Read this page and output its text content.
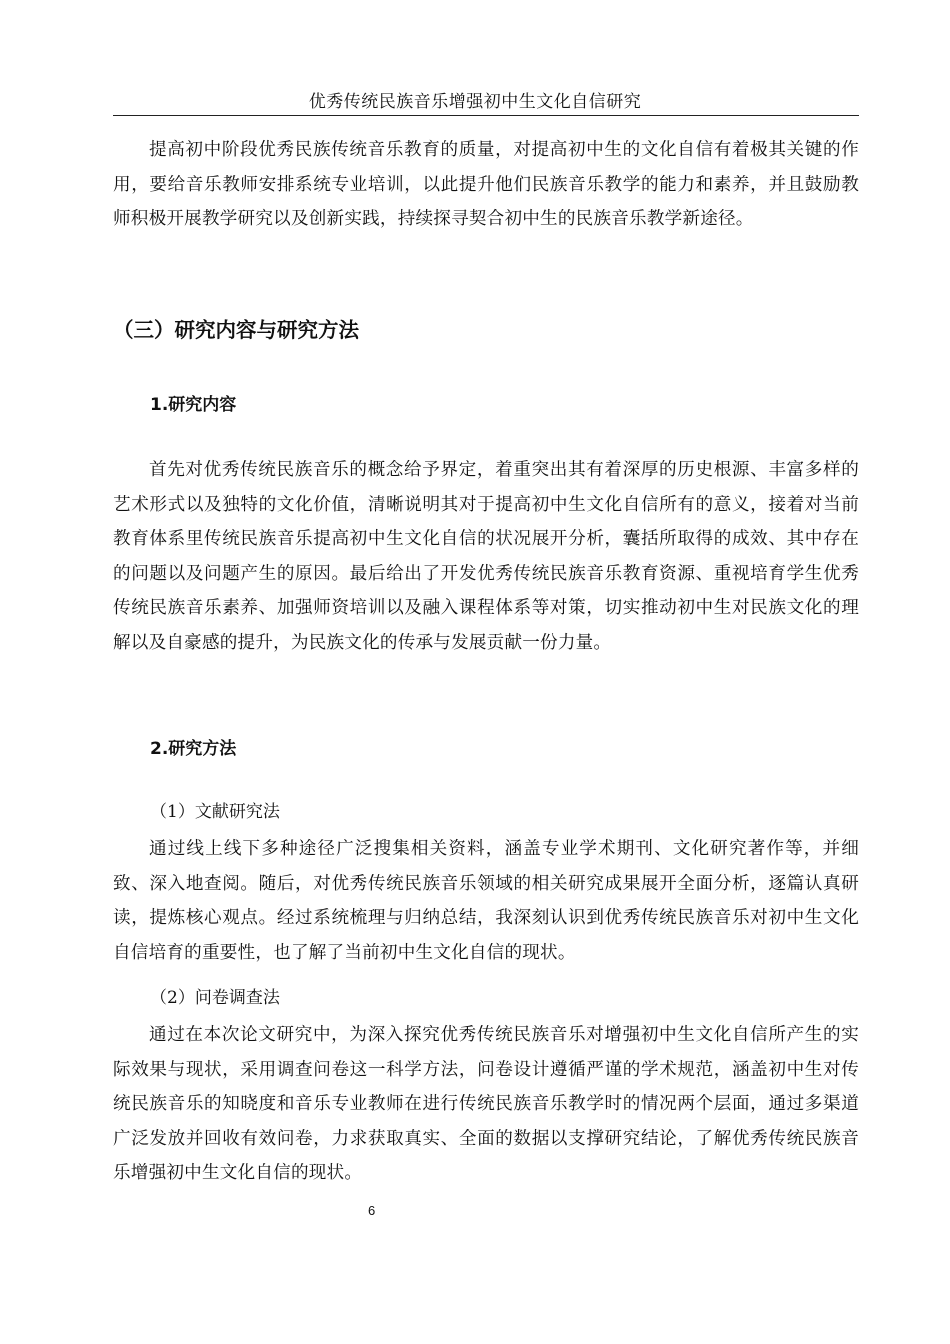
优秀传统民族音乐增强初中生文化自信研究

提高初中阶段优秀民族传统音乐教育的质量，对提高初中生的文化自信有着极其关键的作用，要给音乐教师安排系统专业培训，以此提升他们民族音乐教学的能力和素养，并且鼓励教师积极开展教学研究以及创新实践，持续探寻契合初中生的民族音乐教学新途径。

（三）研究内容与研究方法
1.研究内容

首先对优秀传统民族音乐的概念给予界定，着重突出其有着深厚的历史根源、丰富多样的艺术形式以及独特的文化价值，清晰说明其对于提高初中生文化自信所有的意义，接着对当前教育体系里传统民族音乐提高初中生文化自信的状况展开分析，囊括所取得的成效、其中存在的问题以及问题产生的原因。最后给出了开发优秀传统民族音乐教育资源、重视培育学生优秀传统民族音乐素养、加强师资培训以及融入课程体系等对策，切实推动初中生对民族文化的理解以及自豪感的提升，为民族文化的传承与发展贡献一份力量。

2.研究方法
（1）文献研究法

通过线上线下多种途径广泛搜集相关资料，涵盖专业学术期刊、文化研究著作等，并细致、深入地查阅。随后，对优秀传统民族音乐领域的相关研究成果展开全面分析，逐篇认真研读，提炼核心观点。经过系统梳理与归纳总结，我深刻认识到优秀传统民族音乐对初中生文化自信培育的重要性，也了解了当前初中生文化自信的现状。

（2）问卷调查法

通过在本次论文研究中，为深入探究优秀传统民族音乐对增强初中生文化自信所产生的实际效果与现状，采用调查问卷这一科学方法，问卷设计遵循严谨的学术规范，涵盖初中生对传统民族音乐的知晓度和音乐专业教师在进行传统民族音乐教学时的情况两个层面，通过多渠道广泛发放并回收有效问卷，力求获取真实、全面的数据以支撑研究结论，了解优秀传统民族音乐增强初中生文化自信的现状。

6
